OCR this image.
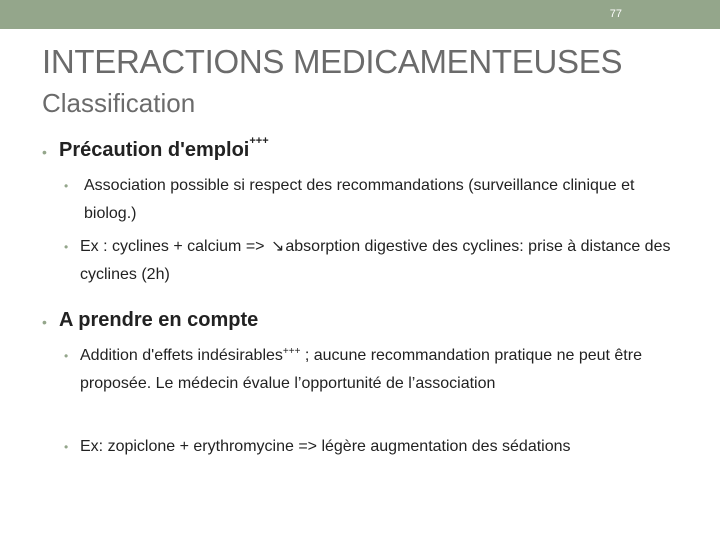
77
INTERACTIONS MEDICAMENTEUSES
Classification
• Précaution d'emploi+++
• Association possible si respect des recommandations (surveillance clinique et biolog.)
• Ex : cyclines + calcium => ↘absorption digestive des cyclines: prise à distance des cyclines (2h)
• A prendre en compte
• Addition d'effets indésirables+++ ; aucune recommandation pratique ne peut être proposée. Le médecin évalue l’opportunité de l’association
• Ex: zopiclone + erythromycine => légère augmentation des sédations
